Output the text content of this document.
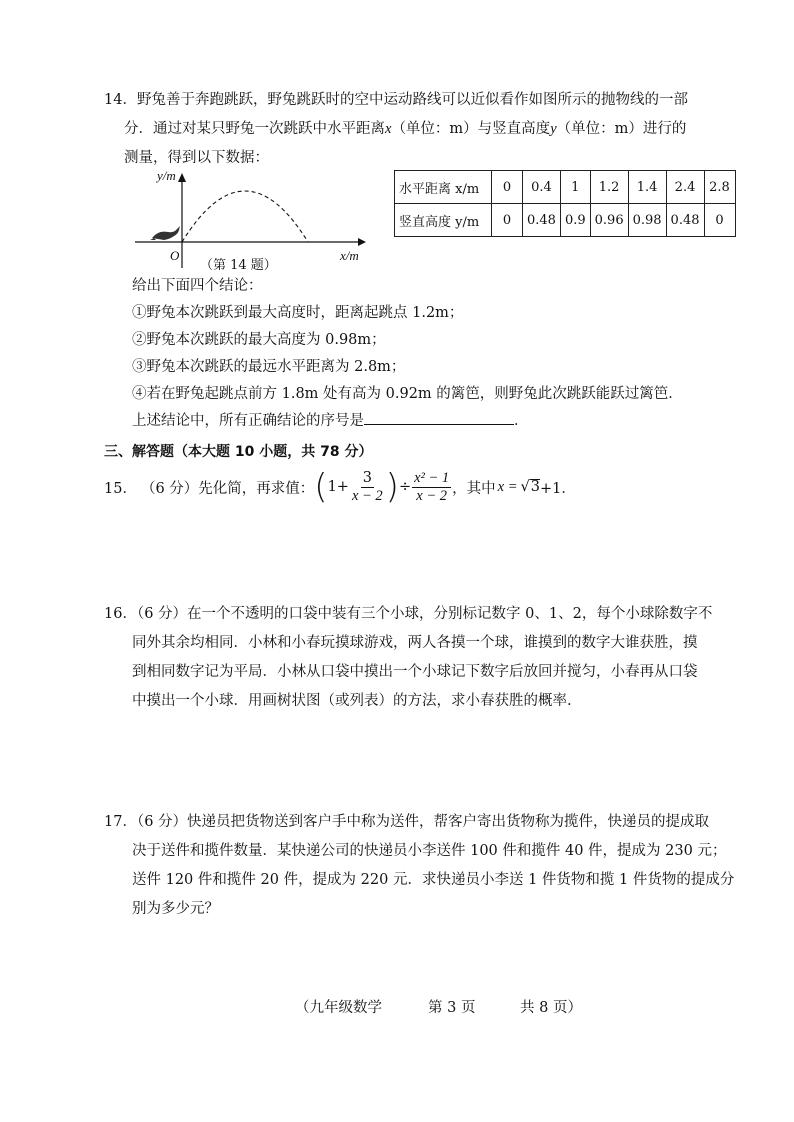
14．野兔善于奔跑跳跃，野兔跳跃时的空中运动路线可以近似看作如图所示的抛物线的一部
分．通过对某只野兔一次跳跃中水平距离x（单位：m）与竖直高度y（单位：m）进行的
测量，得到以下数据：
y/m
O	x/m
（第 14 题）
水平距离 x/m	0	0.4	1	1.2	1.4	2.4	2.8
竖直高度 y/m	0	0.48	0.9	0.96	0.98	0.48	0
给出下面四个结论：
①野兔本次跳跃到最大高度时，距离起跳点 1.2m；
②野兔本次跳跃的最大高度为 0.98m；
③野兔本次跳跃的最远水平距离为 2.8m；
④若在野兔起跳点前方 1.8m 处有高为 0.92m 的篱笆，则野兔此次跳跃能跃过篱笆．
上述结论中，所有正确结论的序号是	．
三、解答题（本大题 10 小题，共 78 分）
15． （6 分）先化简，再求值： ( $1+ \frac{3}{x - 2}$ ) ÷ $\frac{\text{x² − 1}}{x - 2}$ ，其中 x = √ 3 +1．
16．（6 分）在一个不透明的口袋中装有三个小球，分别标记数字 0、1、2，每个小球除数字不
同外其余均相同．小林和小春玩摸球游戏，两人各摸一个球，谁摸到的数字大谁获胜，摸
到相同数字记为平局．小林从口袋中摸出一个小球记下数字后放回并搅匀，小春再从口袋
中摸出一个小球．用画树状图（或列表）的方法，求小春获胜的概率.
17．（6 分）快递员把货物送到客户手中称为送件，帮客户寄出货物称为揽件，快递员的提成取
决于送件和揽件数量．某快递公司的快递员小李送件 100 件和揽件 40 件，提成为 230 元；
送件 120 件和揽件 20 件，提成为 220 元．求快递员小李送 1 件货物和揽 1 件货物的提成分
别为多少元？
（九年级数学	第 3 页	共 8 页）
